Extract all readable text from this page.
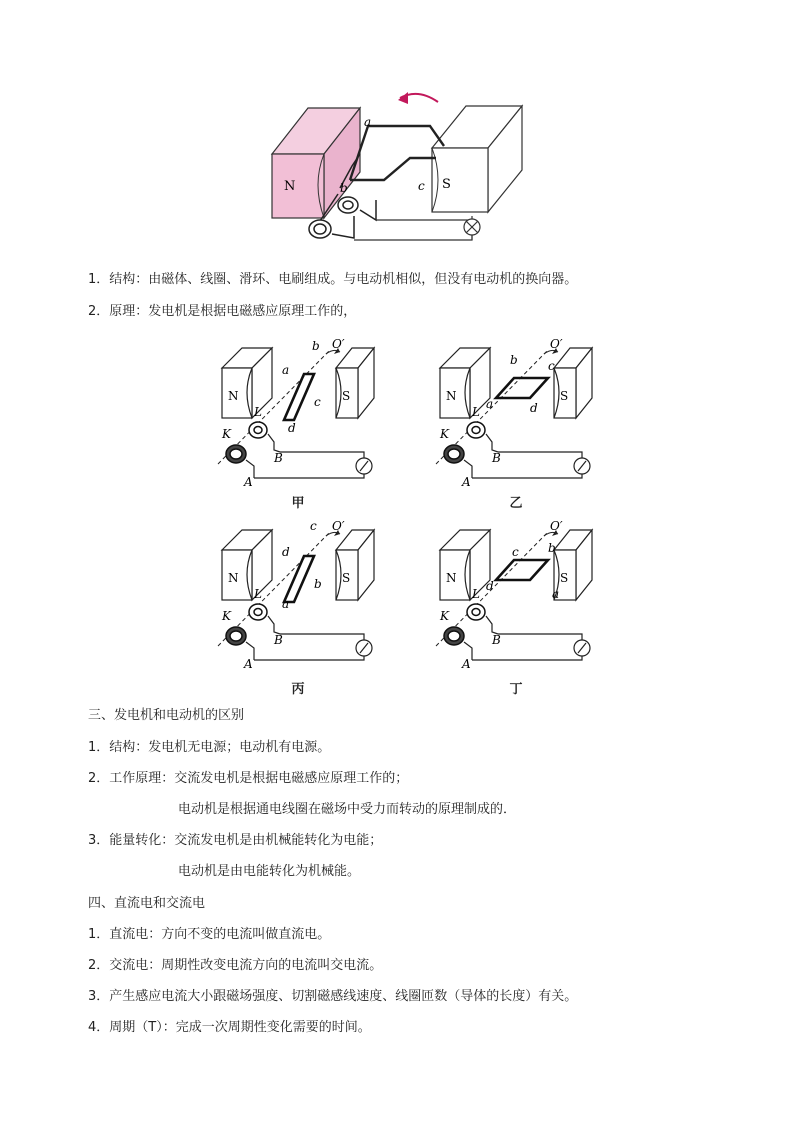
N	S
a
b	c
1．结构：由磁体、线圈、滑环、电刷组成。与电动机相似，但没有电动机的换向器。
2．原理：发电机是根据电磁感应原理工作的，
N	S
a
b
c
d
O′
L
K
B
A
N	S
a
b	c
d
O′
L
K
B
A
N	S
a
b
c
d
O′
L
K
B
A
N	S
a
b
c
d
O′
L
K
B
A
甲	乙
丙	丁
三、发电机和电动机的区别
1．结构：发电机无电源；电动机有电源。
2．工作原理：交流发电机是根据电磁感应原理工作的；
电动机是根据通电线圈在磁场中受力而转动的原理制成的．
3．能量转化：交流发电机是由机械能转化为电能；
电动机是由电能转化为机械能。
四、直流电和交流电
1．直流电：方向不变的电流叫做直流电。
2．交流电：周期性改变电流方向的电流叫交电流。
3．产生感应电流大小跟磁场强度、切割磁感线速度、线圈匝数（导体的长度）有关。
4．周期（T）：完成一次周期性变化需要的时间。
